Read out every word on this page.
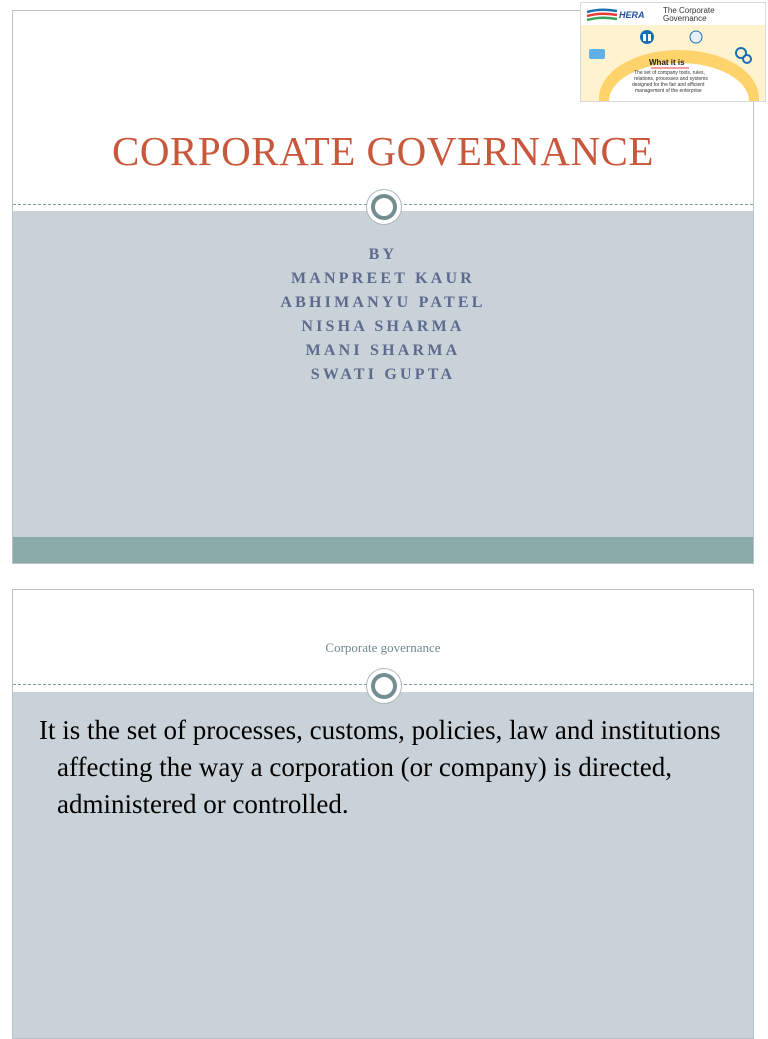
CORPORATE GOVERNANCE
BY
MANPREET KAUR
ABHIMANYU PATEL
NISHA SHARMA
MANI SHARMA
SWATI GUPTA
HERA The Corporate
Governance
What it is
The set of company tools, rules,
relations, processes and systems
designed for the fair and efficient
management of the enterprise
Corporate governance
It is the set of processes, customs, policies, law and institutions affecting the way a corporation (or company) is directed, administered or controlled.
